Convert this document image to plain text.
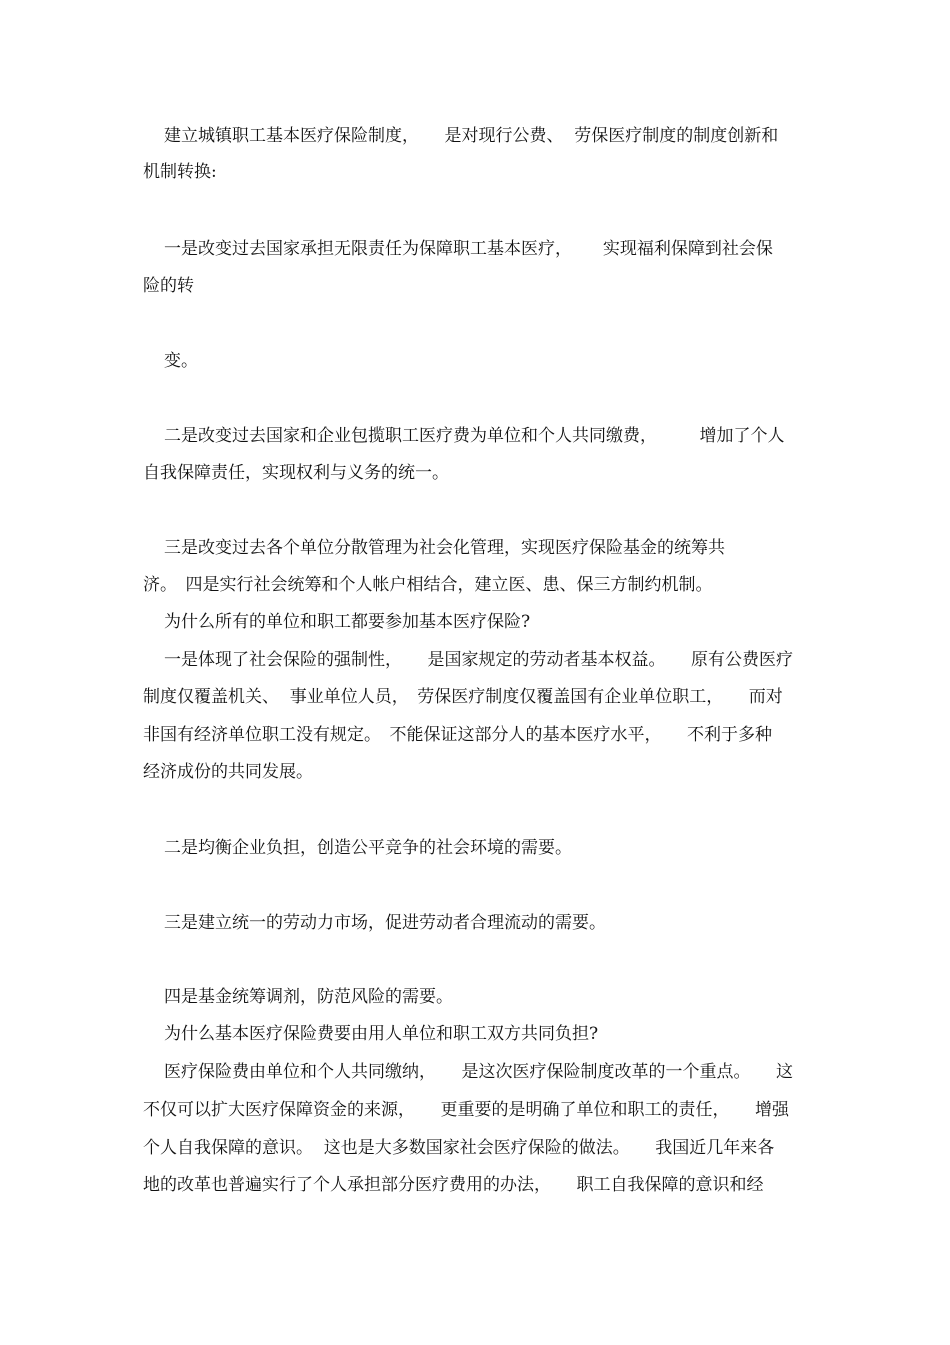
建立城镇职工基本医疗保险制度，　　是对现行公费、  劳保医疗制度的制度创新和
机制转换:
一是改变过去国家承担无限责任为保障职工基本医疗，　　 实现福利保障到社会保
险的转
变。
二是改变过去国家和企业包揽职工医疗费为单位和个人共同缴费，　　　增加了个人
自我保障责任，实现权利与义务的统一。
三是改变过去各个单位分散管理为社会化管理，实现医疗保险基金的统筹共
济。　四是实行社会统筹和个人帐户相结合，建立医、患、保三方制约机制。
为什么所有的单位和职工都要参加基本医疗保险?
一是体现了社会保险的强制性，　　是国家规定的劳动者基本权益。　　原有公费医疗
制度仅覆盖机关、  事业单位人员，　劳保医疗制度仅覆盖国有企业单位职工，　　而对
非国有经济单位职工没有规定。　不能保证这部分人的基本医疗水平，　　不利于多种
经济成份的共同发展。
二是均衡企业负担，创造公平竞争的社会环境的需要。
三是建立统一的劳动力市场，促进劳动者合理流动的需要。
四是基金统筹调剂，防范风险的需要。
为什么基本医疗保险费要由用人单位和职工双方共同负担?
医疗保险费由单位和个人共同缴纳，　　是这次医疗保险制度改革的一个重点。　　这
不仅可以扩大医疗保障资金的来源，　　更重要的是明确了单位和职工的责任，　　增强
个人自我保障的意识。  这也是大多数国家社会医疗保险的做法。　　我国近几年来各
地的改革也普遍实行了个人承担部分医疗费用的办法，　　职工自我保障的意识和经
